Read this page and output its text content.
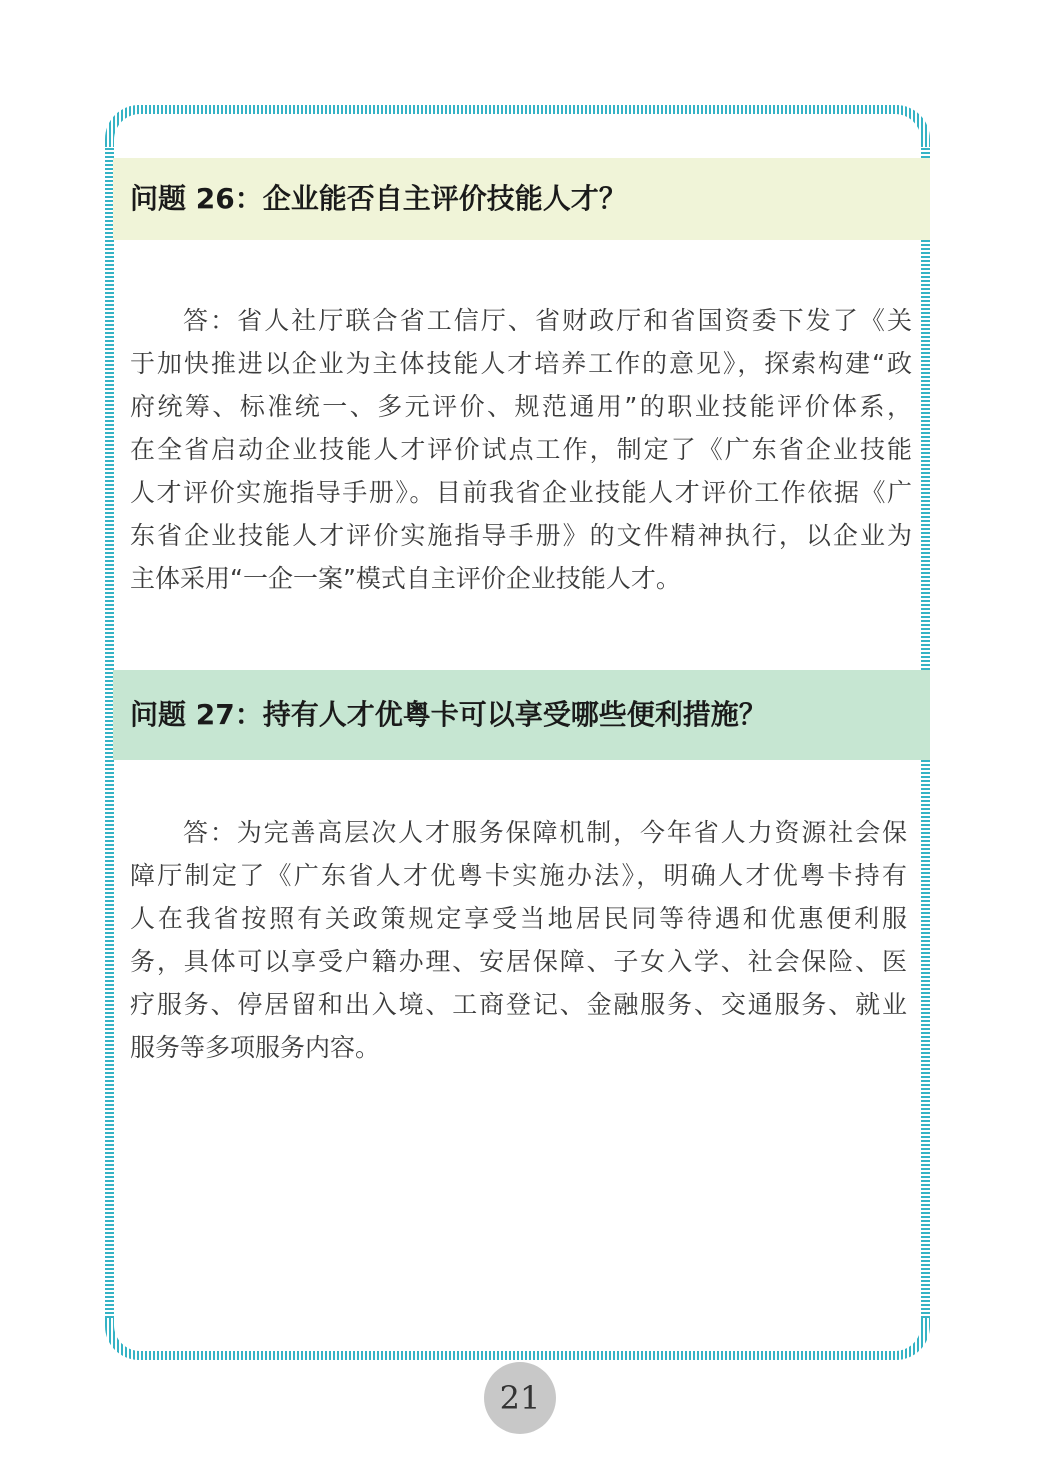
问题 26：企业能否自主评价技能人才？
答：省人社厅联合省工信厅、省财政厅和省国资委下发了《关
于加快推进以企业为主体技能人才培养工作的意见》，探索构建“政
府统筹、标准统一、多元评价、规范通用”的职业技能评价体系，
在全省启动企业技能人才评价试点工作，制定了《广东省企业技能
人才评价实施指导手册》。目前我省企业技能人才评价工作依据《广
东省企业技能人才评价实施指导手册》的文件精神执行，以企业为
主体采用“一企一案”模式自主评价企业技能人才。
问题 27：持有人才优粤卡可以享受哪些便利措施？
答：为完善高层次人才服务保障机制，今年省人力资源社会保
障厅制定了《广东省人才优粤卡实施办法》，明确人才优粤卡持有
人在我省按照有关政策规定享受当地居民同等待遇和优惠便利服
务，具体可以享受户籍办理、安居保障、子女入学、社会保险、医
疗服务、停居留和出入境、工商登记、金融服务、交通服务、就业
服务等多项服务内容。
21
